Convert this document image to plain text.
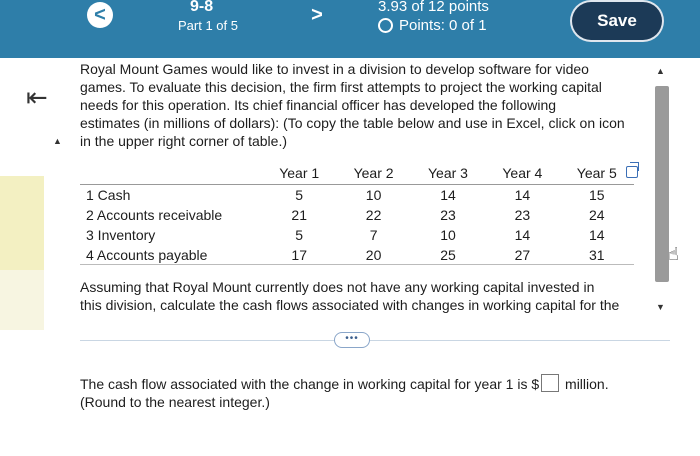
<	9-8
Part 1 of 5	>	3.93 of 12 points
Points: 0 of 1	Save
⇤
▲

Royal Mount Games would like to invest in a division to develop software for video

games. To evaluate this decision, the firm first attempts to project the working capital

needs for this operation. Its chief financial officer has developed the following

estimates (in millions of dollars): (To copy the table below and use in Excel, click on icon

in the upper right corner of table.)

	Year 1	Year 2	Year 3	Year 4	Year 5
1 Cash	5	10	14	14	15
2 Accounts receivable	21	22	23	23	24
3 Inventory	5	7	10	14	14
4 Accounts payable	17	20	25	27	31
Assuming that Royal Mount currently does not have any working capital invested in
this division, calculate the cash flows associated with changes in working capital for the
•••
The cash flow associated with the change in working capital for year 1 is $ million.
(Round to the nearest integer.)
▲
▼
☝
